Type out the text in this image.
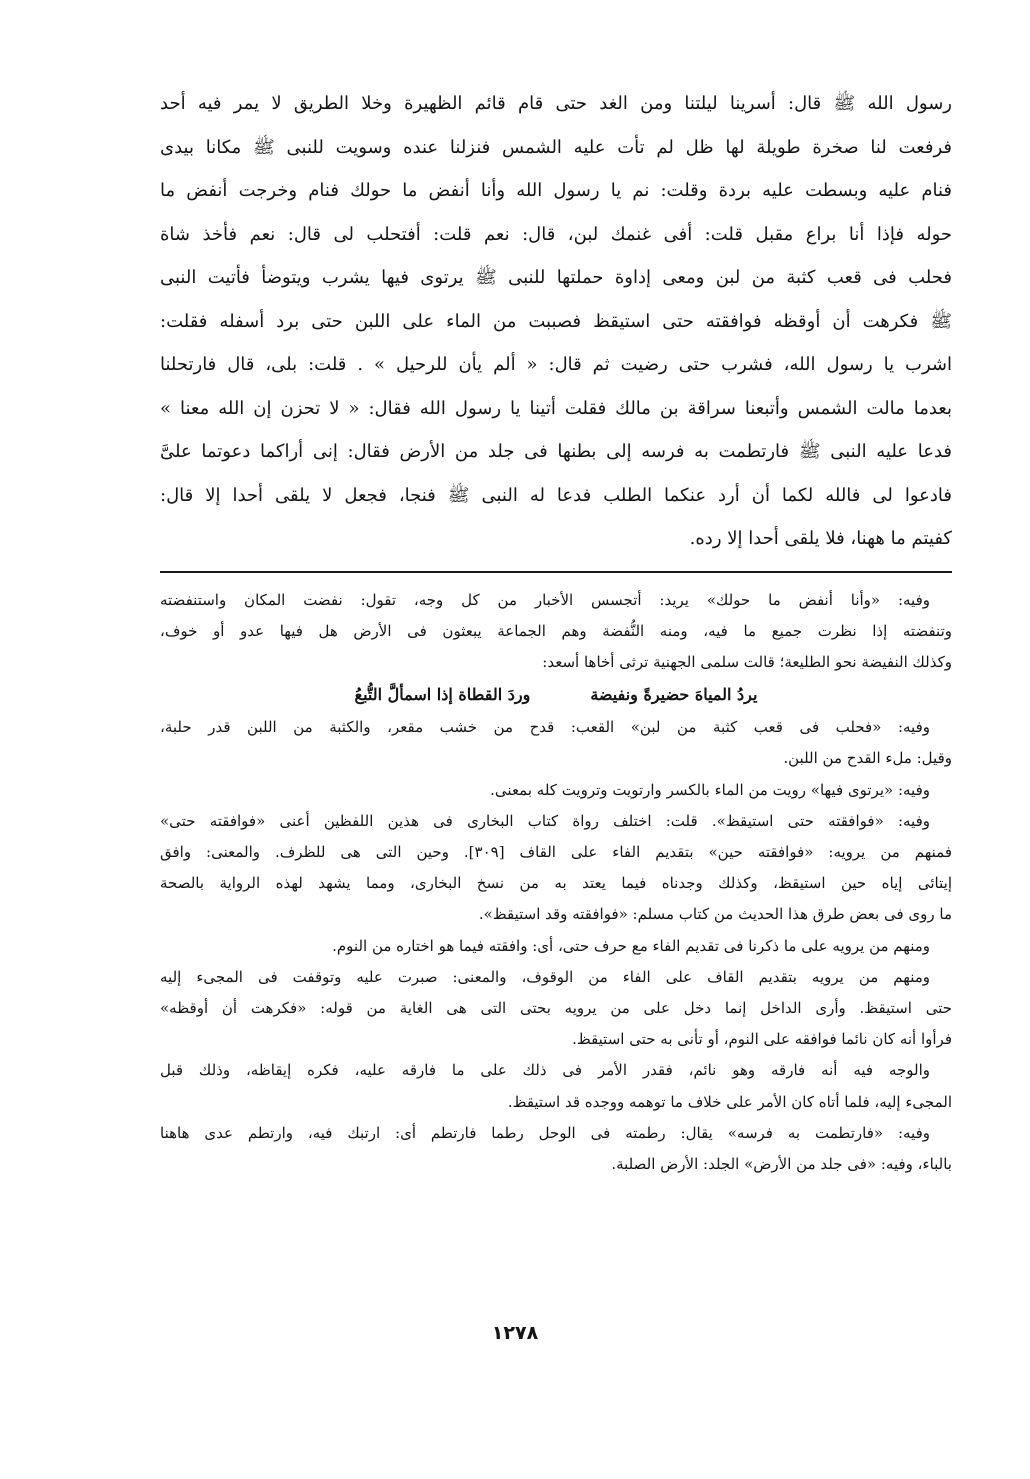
رسول الله ﷺ قال: أسرينا ليلتنا ومن الغد حتى قام قائم الظهيرة وخلا الطريق لا يمر فيه أحد

فرفعت لنا صخرة طويلة لها ظل لم تأت عليه الشمس فنزلنا عنده وسويت للنبى ﷺ مكانا بيدى

فنام عليه وبسطت عليه بردة وقلت: نم يا رسول الله وأنا أنفض ما حولك فنام وخرجت أنفض ما

حوله فإذا أنا براع مقبل قلت: أفى غنمك لبن، قال: نعم قلت: أفتحلب لى قال: نعم فأخذ شاة

فحلب فى قعب كثبة من لبن ومعى إداوة حملتها للنبى ﷺ يرتوى فيها يشرب ويتوضأ فأتيت النبى

ﷺ فكرهت أن أوقظه فوافقته حتى استيقظ فصببت من الماء على اللبن حتى برد أسفله فقلت:

اشرب يا رسول الله، فشرب حتى رضيت ثم قال: « ألم يأن للرحيل » . قلت: بلى، قال فارتحلنا

بعدما مالت الشمس وأتبعنا سراقة بن مالك فقلت أتينا يا رسول الله فقال: « لا تحزن إن الله معنا »

فدعا عليه النبى ﷺ فارتطمت به فرسه إلى بطنها فى جلد من الأرض فقال: إنى أراكما دعوتما علىَّ

فادعوا لى فالله لكما أن أرد عنكما الطلب فدعا له النبى ﷺ فنجا، فجعل لا يلقى أحدا إلا قال:

كفيتم ما ههنا، فلا يلقى أحدا إلا رده.

وفيه: «وأنا أنفض ما حولك» يريد: أتجسس الأخبار من كل وجه، تقول: نفضت المكان واستنفضته

وتنفضته إذا نظرت جميع ما فيه، ومنه النُّفضة وهم الجماعة يبعثون فى الأرض هل فيها عدو أو خوف،

وكذلك النفيضة نحو الطليعة؛ قالت سلمى الجهنية ترثى أخاها أسعد:

يردُ المياهَ حضيرةً ونفيضة
وردَ القطاة إذا اسمألَّ التُّبعُ

وفيه: «فحلب فى قعب كثبة من لبن» القعب: قدح من خشب مقعر، والكثبة من اللبن قدر حلبة،

وقيل: ملء القدح من اللبن.

وفيه: «يرتوى فيها» رويت من الماء بالكسر وارتويت وترويت كله بمعنى.

وفيه: «فوافقته حتى استيقظ». قلت: اختلف رواة كتاب البخارى فى هذين اللفظين أعنى «فوافقته حتى»

فمنهم من يرويه: «فوافقته حين» بتقديم الفاء على القاف [٣٠٩]. وحين التى هى للظرف. والمعنى: وافق

إيتائى إياه حين استيقظ، وكذلك وجدناه فيما يعتد به من نسخ البخارى، ومما يشهد لهذه الرواية بالصحة

ما روى فى بعض طرق هذا الحديث من كتاب مسلم: «فوافقته وقد استيقظ».

ومنهم من يرويه على ما ذكرنا فى تقديم الفاء مع حرف حتى، أى: وافقته فيما هو اختاره من النوم.

ومنهم من يرويه بتقديم القاف على الفاء من الوقوف، والمعنى: صبرت عليه وتوقفت فى المجىء إليه

حتى استيقظ. وأرى الداخل إنما دخل على من يرويه بحتى التى هى الغاية من قوله: «فكرهت أن أوقظه»

فرأوا أنه كان نائما فوافقه على النوم، أو تأنى به حتى استيقظ.

والوجه فيه أنه فارقه وهو نائم، فقدر الأمر فى ذلك على ما فارقه عليه، فكره إيقاظه، وذلك قبل

المجىء إليه، فلما أتاه كان الأمر على خلاف ما توهمه ووجده قد استيقظ.

وفيه: «فارتطمت به فرسه» يقال: رطمته فى الوحل رطما فارتطم أى: ارتبك فيه، وارتطم عدى هاهنا

بالباء، وفيه: «فى جلد من الأرض» الجلد: الأرض الصلبة.

١٢٧٨
